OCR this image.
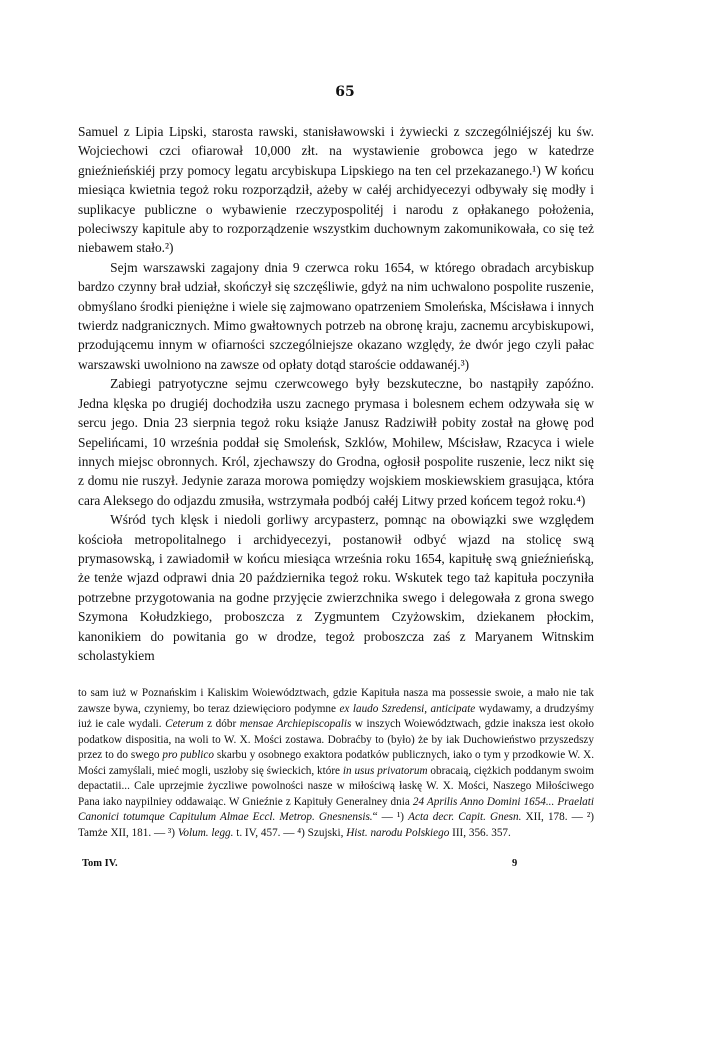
65

Samuel z Lipia Lipski, starosta rawski, stanisławowski i żywiecki z szczególniéjszéj ku św. Wojciechowi czci ofiarował 10,000 złt. na wystawienie grobowca jego w katedrze gnieźnieńskiéj przy pomocy legatu arcybiskupa Lipskiego na ten cel przekazanego.¹) W końcu miesiąca kwietnia tegoż roku rozporządził, ażeby w całéj archidyecezyi odbywały się modły i suplikacye publiczne o wybawienie rzeczypospolitéj i narodu z opłakanego położenia, poleciwszy kapitule aby to rozporządzenie wszystkim duchownym zakomunikowała, co się też niebawem stało.²)

Sejm warszawski zagajony dnia 9 czerwca roku 1654, w którego obradach arcybiskup bardzo czynny brał udział, skończył się szczęśliwie, gdyż na nim uchwalono pospolite ruszenie, obmyślano środki pieniężne i wiele się zajmowano opatrzeniem Smoleńska, Mścisława i innych twierdz nadgranicznych. Mimo gwałtownych potrzeb na obronę kraju, zacnemu arcybiskupowi, przodującemu innym w ofiarności szczególniejsze okazano względy, że dwór jego czyli pałac warszawski uwolniono na zawsze od opłaty dotąd staroście oddawanéj.³)

Zabiegi patryotyczne sejmu czerwcowego były bezskuteczne, bo nastąpiły zapóźno. Jedna klęska po drugiéj dochodziła uszu zacnego prymasa i bolesnem echem odzywała się w sercu jego. Dnia 23 sierpnia tegoż roku książe Janusz Radziwiłł pobity został na głowę pod Sepelińcami, 10 września poddał się Smoleńsk, Szklów, Mohilew, Mścisław, Rzacyca i wiele innych miejsc obronnych. Król, zjechawszy do Grodna, ogłosił pospolite ruszenie, lecz nikt się z domu nie ruszył. Jedynie zaraza morowa pomiędzy wojskiem moskiewskiem grasująca, która cara Aleksego do odjazdu zmusiła, wstrzymała podbój całéj Litwy przed końcem tegoż roku.⁴)

Wśród tych klęsk i niedoli gorliwy arcypasterz, pomnąc na obowiązki swe względem kościoła metropolitalnego i archidyecezyi, postanowił odbyć wjazd na stolicę swą prymasowską, i zawiadomił w końcu miesiąca września roku 1654, kapitułę swą gnieźnieńską, że tenże wjazd odprawi dnia 20 października tegoż roku. Wskutek tego taż kapituła poczyniła potrzebne przygotowania na godne przyjęcie zwierzchnika swego i delegowała z grona swego Szymona Kołudzkiego, proboszcza z Zygmuntem Czyżowskim, dziekanem płockim, kanonikiem do powitania go w drodze, tegoż proboszcza zaś z Maryanem Witnskim scholastykiem

to sam iuż w Poznańskim i Kaliskim Woiewództwach, gdzie Kapituła nasza ma possessie swoie, a mało nie tak zawsze bywa, czyniemy, bo teraz dziewięcioro podymne ex laudo Szredensi, anticipate wydawamy, a drudzyśmy iuż ie cale wydali. Ceterum z dóbr mensae Archiepiscopalis w inszych Woiewództwach, gdzie inaksza iest około podatkow dispositia, na woli to W. X. Mości zostawa. Dobraćby to (było) że by iak Duchowieństwo przyszedszy przez to do swego pro publico skarbu y osobnego exaktora podatków publicznych, iako o tym y przodkowie W. X. Mości zamyślali, mieć mogli, uszłoby się świeckich, które in usus privatorum obracaią, ciężkich poddanym swoim depactatii... Cale uprzejmie życzliwe powolności nasze w miłościwą łaskę W. X. Mości, Naszego Miłościwego Pana iako naypilniey oddawaiąc. W Gnieźnie z Kapituły Generalney dnia 24 Aprilis Anno Domini 1654... Praelati Canonici totumque Capitulum Almae Eccl. Metrop. Gnesnensis.“ — ¹) Acta decr. Capit. Gnesn. XII, 178. — ²) Tamże XII, 181. — ³) Volum. legg. t. IV, 457. — ⁴) Szujski, Hist. narodu Polskiego III, 356. 357.

Tom IV.	9
